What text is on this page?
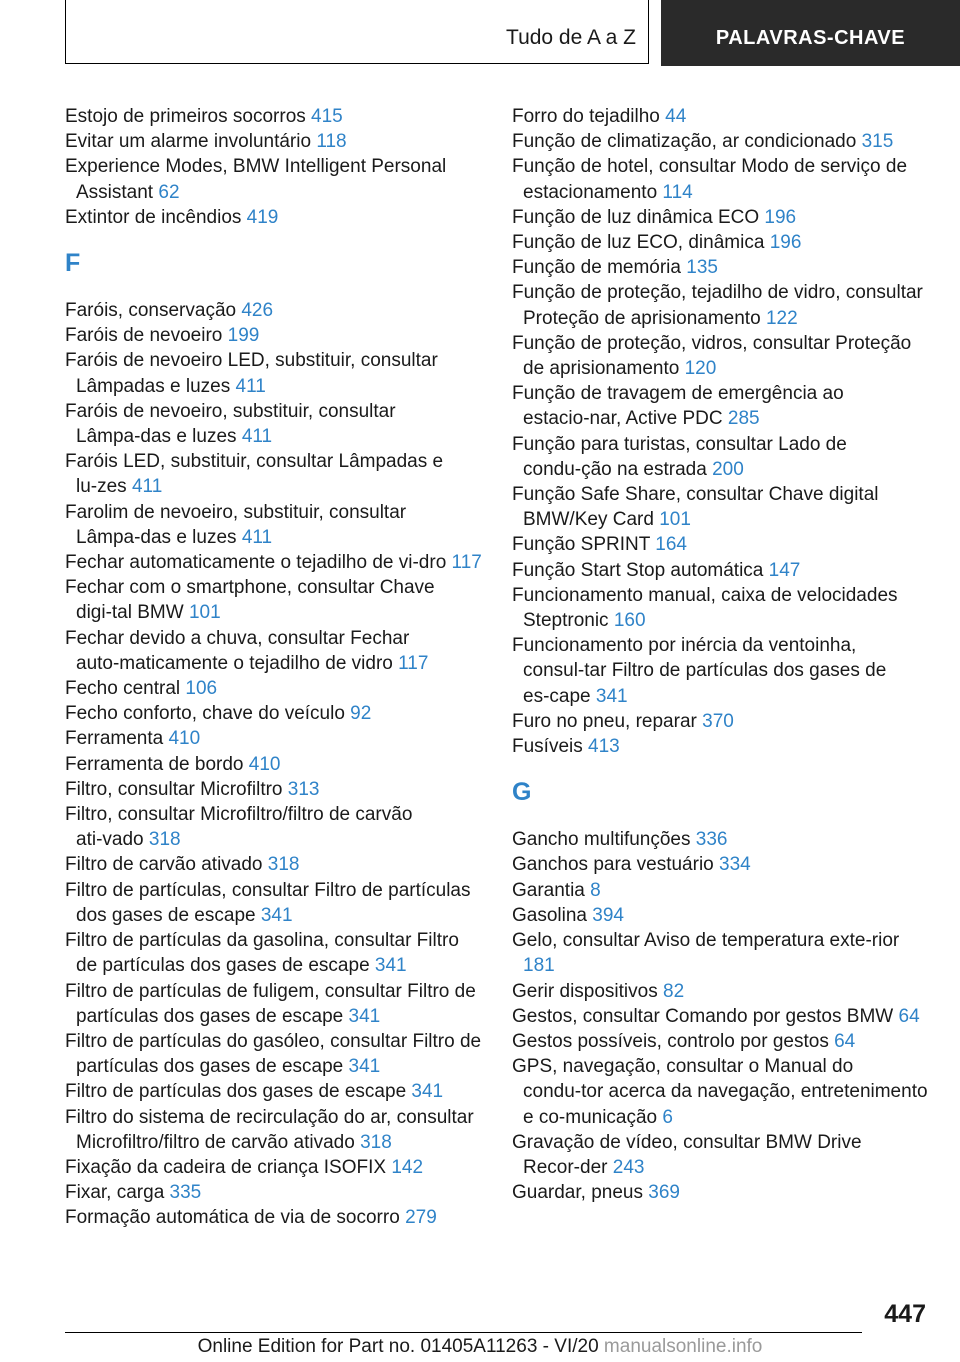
Tudo de A a Z	PALAVRAS-CHAVE

Estojo de primeiros socorros 415

Evitar um alarme involuntário 118

Experience Modes, BMW Intelligent Personal Assistant 62

Extintor de incêndios 419

F

Faróis, conservação 426

Faróis de nevoeiro 199

Faróis de nevoeiro LED, substituir, consultar Lâmpadas e luzes 411

Faróis de nevoeiro, substituir, consultar Lâmpa‑das e luzes 411

Faróis LED, substituir, consultar Lâmpadas e lu‑zes 411

Farolim de nevoeiro, substituir, consultar Lâmpa‑das e luzes 411

Fechar automaticamente o tejadilho de vi‑dro 117

Fechar com o smartphone, consultar Chave digi‑tal BMW 101

Fechar devido a chuva, consultar Fechar auto‑maticamente o tejadilho de vidro 117

Fecho central 106

Fecho conforto, chave do veículo 92

Ferramenta 410

Ferramenta de bordo 410

Filtro, consultar Microfiltro 313

Filtro, consultar Microfiltro/filtro de carvão ati‑vado 318

Filtro de carvão ativado 318

Filtro de partículas, consultar Filtro de partículas dos gases de escape 341

Filtro de partículas da gasolina, consultar Filtro de partículas dos gases de escape 341

Filtro de partículas de fuligem, consultar Filtro de partículas dos gases de escape 341

Filtro de partículas do gasóleo, consultar Filtro de partículas dos gases de escape 341

Filtro de partículas dos gases de escape 341

Filtro do sistema de recirculação do ar, consultar Microfiltro/filtro de carvão ativado 318

Fixação da cadeira de criança ISOFIX 142

Fixar, carga 335

Formação automática de via de socorro 279

Forro do tejadilho 44

Função de climatização, ar condicionado 315

Função de hotel, consultar Modo de serviço de estacionamento 114

Função de luz dinâmica ECO 196

Função de luz ECO, dinâmica 196

Função de memória 135

Função de proteção, tejadilho de vidro, consultar Proteção de aprisionamento 122

Função de proteção, vidros, consultar Proteção de aprisionamento 120

Função de travagem de emergência ao estacio‑nar, Active PDC 285

Função para turistas, consultar Lado de condu‑ção na estrada 200

Função Safe Share, consultar Chave digital BMW/Key Card 101

Função SPRINT 164

Função Start Stop automática 147

Funcionamento manual, caixa de velocidades Steptronic 160

Funcionamento por inércia da ventoinha, consul‑tar Filtro de partículas dos gases de es‑cape 341

Furo no pneu, reparar 370

Fusíveis 413

G

Gancho multifunções 336

Ganchos para vestuário 334

Garantia 8

Gasolina 394

Gelo, consultar Aviso de temperatura exte‑rior 181

Gerir dispositivos 82

Gestos, consultar Comando por gestos BMW 64

Gestos possíveis, controlo por gestos 64

GPS, navegação, consultar o Manual do condu‑tor acerca da navegação, entretenimento e co‑municação 6

Gravação de vídeo, consultar BMW Drive Recor‑der 243

Guardar, pneus 369

447
Online Edition for Part no. 01405A11263 - VI/20 manualsonline.info
